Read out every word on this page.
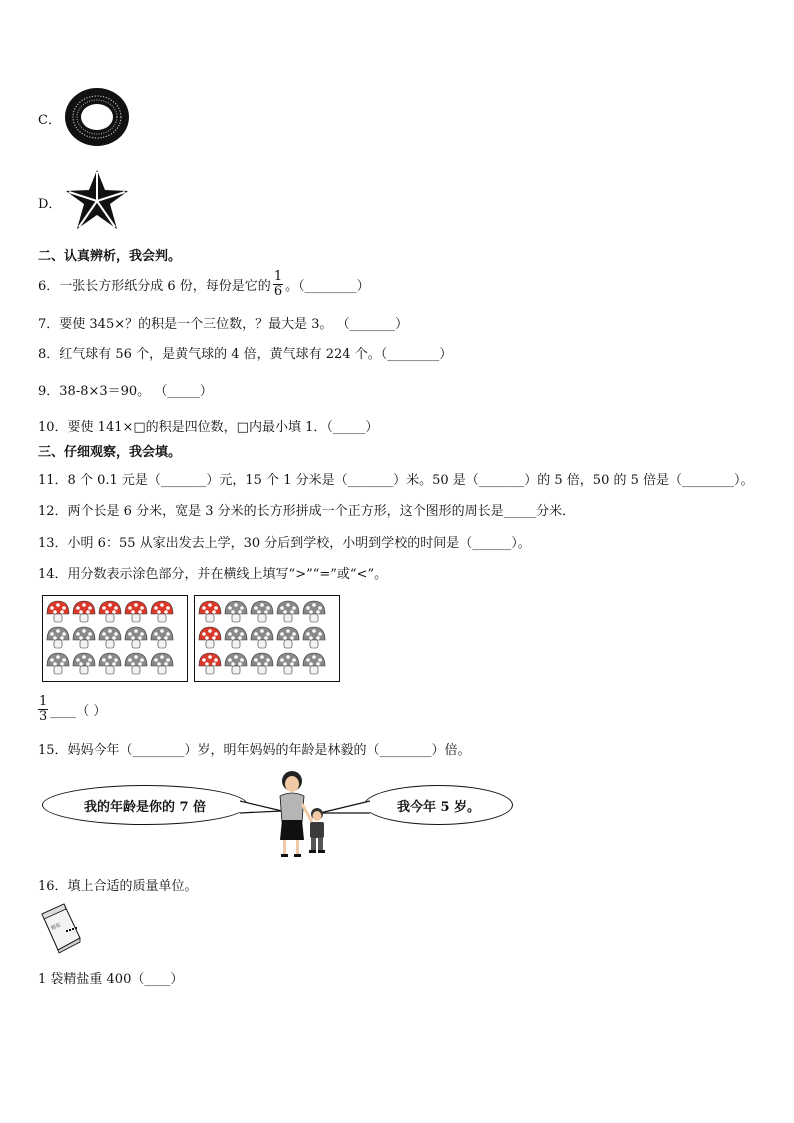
C．
D．
二、认真辨析，我会判。
6．一张长方形纸分成 6 份，每份是它的 $\frac{1}{6}$ 。（________）
7．要使 345×？的积是一个三位数，？最大是 3。 （_______）
8．红气球有 56 个，是黄气球的 4 倍，黄气球有 224 个。（________）
9．38-8×3＝90。 （_____）
10．要使 141×□的积是四位数，□内最小填 1．（_____）
三、仔细观察，我会填。
11．8 个 0.1 元是（_______）元，15 个 1 分米是（_______）米。50 是（_______）的 5 倍，50 的 5 倍是（________）。
12．两个长是 6 分米，宽是 3 分米的长方形拼成一个正方形，这个图形的周长是_____分米．
13．小明 6：55 从家出发去上学，30 分后到学校，小明到学校的时间是（______）。
14．用分数表示涂色部分，并在横线上填写“>”“=”或“<”。
$\frac{1}{3}$ ____（ ）
15．妈妈今年（________）岁，明年妈妈的年龄是林毅的（________）倍。
我的年龄是你的 7 倍	我今年 5 岁。
16．填上合适的质量单位。
精盐
1 袋精盐重 400（____）
